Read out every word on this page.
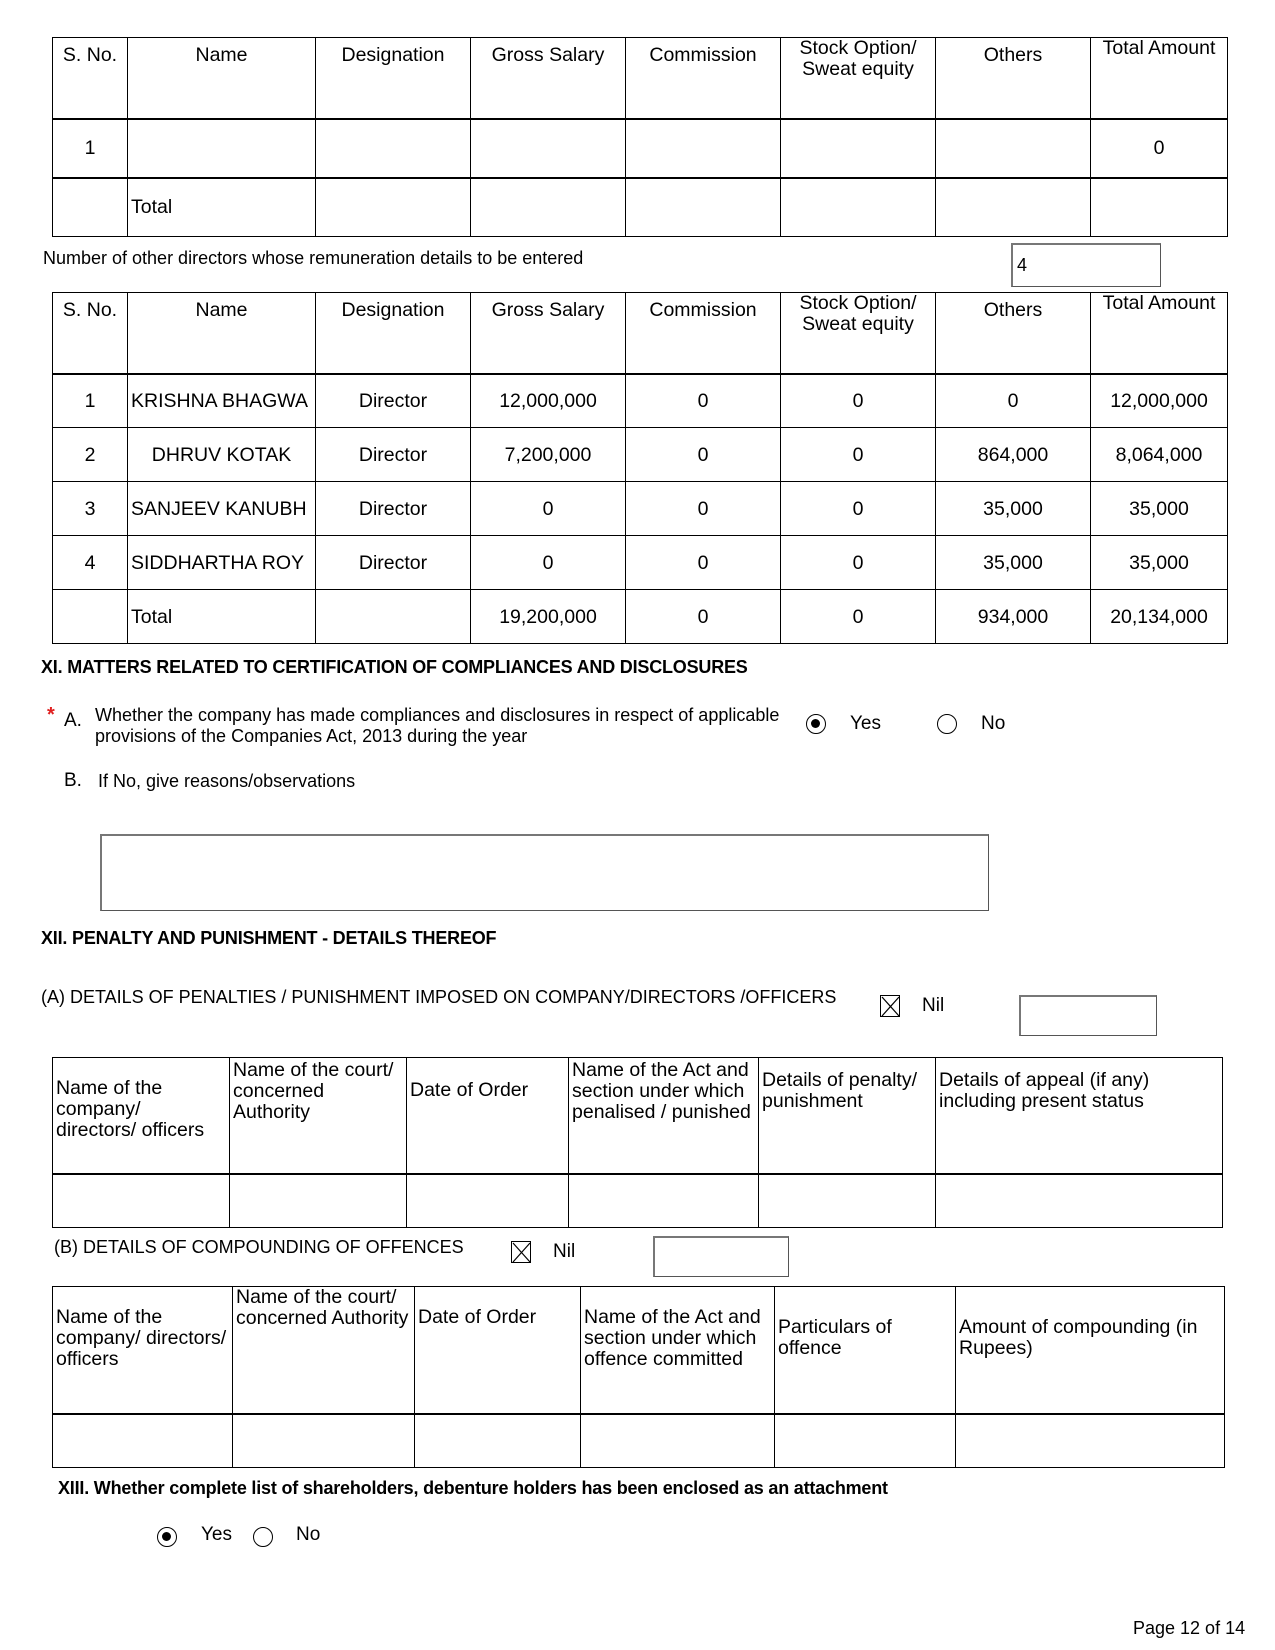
S. No.	Name	Designation	Gross Salary	Commission	Stock Option/ Sweat equity	Others	Total Amount
1							0
	Total						
Number of other directors whose remuneration details to be entered	4
S. No.	Name	Designation	Gross Salary	Commission	Stock Option/ Sweat equity	Others	Total Amount
1	KRISHNA BHAGWA	Director	12,000,000	0	0	0	12,000,000
2	DHRUV KOTAK	Director	7,200,000	0	0	864,000	8,064,000
3	SANJEEV KANUBH	Director	0	0	0	35,000	35,000
4	SIDDHARTHA ROY	Director	0	0	0	35,000	35,000
	Total		19,200,000	0	0	934,000	20,134,000
XI. MATTERS RELATED TO CERTIFICATION OF COMPLIANCES AND DISCLOSURES
* A. Whether the company has made compliances and disclosures in respect of applicable
provisions of the Companies Act, 2013 during the year
Yes	No
B. If No, give reasons/observations
XII. PENALTY AND PUNISHMENT - DETAILS THEREOF
(A) DETAILS OF PENALTIES / PUNISHMENT IMPOSED ON COMPANY/DIRECTORS /OFFICERS	Nil
Name of the company/ directors/ officers	Name of the court/ concerned Authority	Date of Order	Name of the Act and section under which penalised / punished	Details of penalty/ punishment	Details of appeal (if any) including present status

(B) DETAILS OF COMPOUNDING OF OFFENCES	Nil
Name of the company/ directors/ officers	Name of the court/ concerned Authority	Date of Order	Name of the Act and section under which offence committed	Particulars of offence	Amount of compounding (in Rupees)

XIII. Whether complete list of shareholders, debenture holders has been enclosed as an attachment
Yes	No
Page 12 of 14
